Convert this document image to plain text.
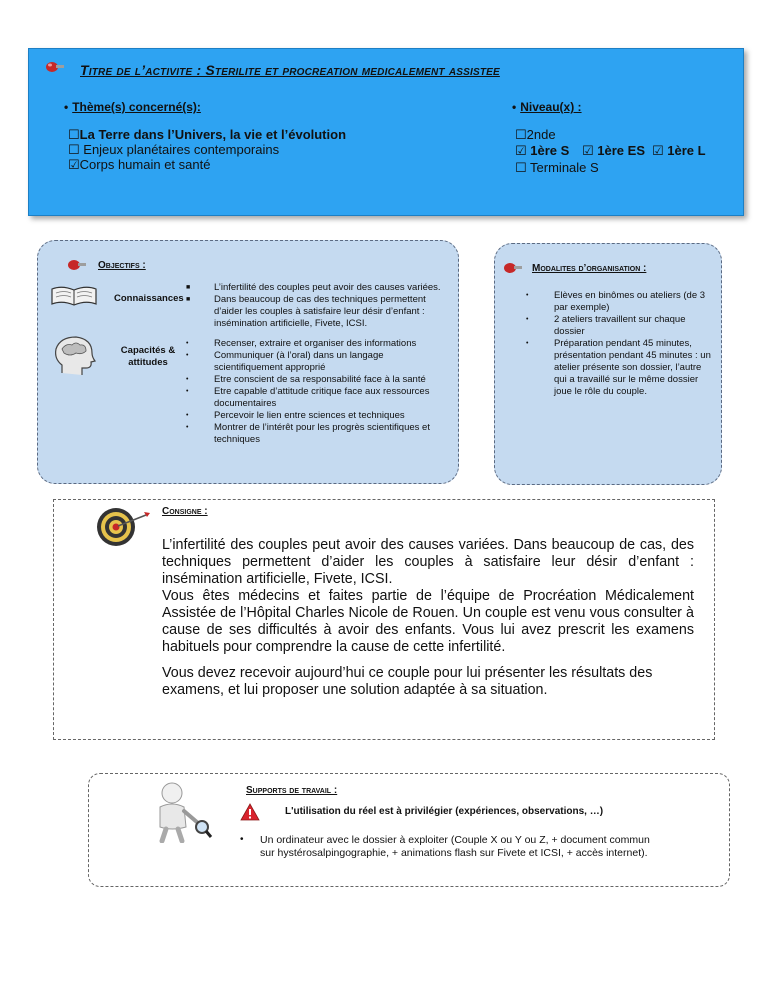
Titre de l’activite : Sterilite et procreation medicalement assistee
• Thème(s) concerné(s):	• Niveau(x) :
☐La Terre dans l’Univers, la vie et l’évolution
☐ Enjeux planétaires contemporains
☑Corps humain et santé
☐2nde
☑ 1ère S ☑ 1ère ES ☑ 1ère L
☐ Terminale S
Objectifs :
Connaissances
■	L’infertilité des couples peut avoir des causes variées.
■	Dans beaucoup de cas des techniques permettent d’aider les couples à satisfaire leur désir d’enfant : insémination artificielle, Fivete, ICSI.
Capacités & attitudes
•	Recenser, extraire et organiser des informations
•	Communiquer (à l’oral) dans un langage scientifiquement approprié
•	Etre conscient de sa responsabilité face à la santé
•	Etre capable d’attitude critique face aux ressources documentaires
•	Percevoir le lien entre sciences et techniques
•	Montrer de l’intérêt pour les progrès scientifiques et techniques
Modalites d’organisation :
•	Elèves en binômes ou ateliers (de 3 par exemple)
•	2 ateliers travaillent sur chaque dossier
•	Préparation pendant 45 minutes, présentation pendant 45 minutes : un atelier présente son dossier, l’autre qui a travaillé sur le même dossier joue le rôle du couple.
Consigne :
L’infertilité des couples peut avoir des causes variées. Dans beaucoup de cas, des techniques permettent d’aider les couples à satisfaire leur désir d’enfant : insémination artificielle, Fivete, ICSI.
Vous êtes médecins et faites partie de l’équipe de Procréation Médicalement Assistée de l’Hôpital Charles Nicole de Rouen. Un couple est venu vous consulter à cause de ses difficultés à avoir des enfants. Vous lui avez prescrit les examens habituels pour comprendre la cause de cette infertilité.
Vous devez recevoir aujourd’hui ce couple pour lui présenter les résultats des examens, et lui proposer une solution adaptée à sa situation.
Supports de travail :
L'utilisation du réel est à privilégier (expériences, observations, …)
• Un ordinateur avec le dossier à exploiter (Couple X ou Y ou Z, + document commun sur hystérosalpingographie, + animations flash sur Fivete et ICSI, + accès internet).
